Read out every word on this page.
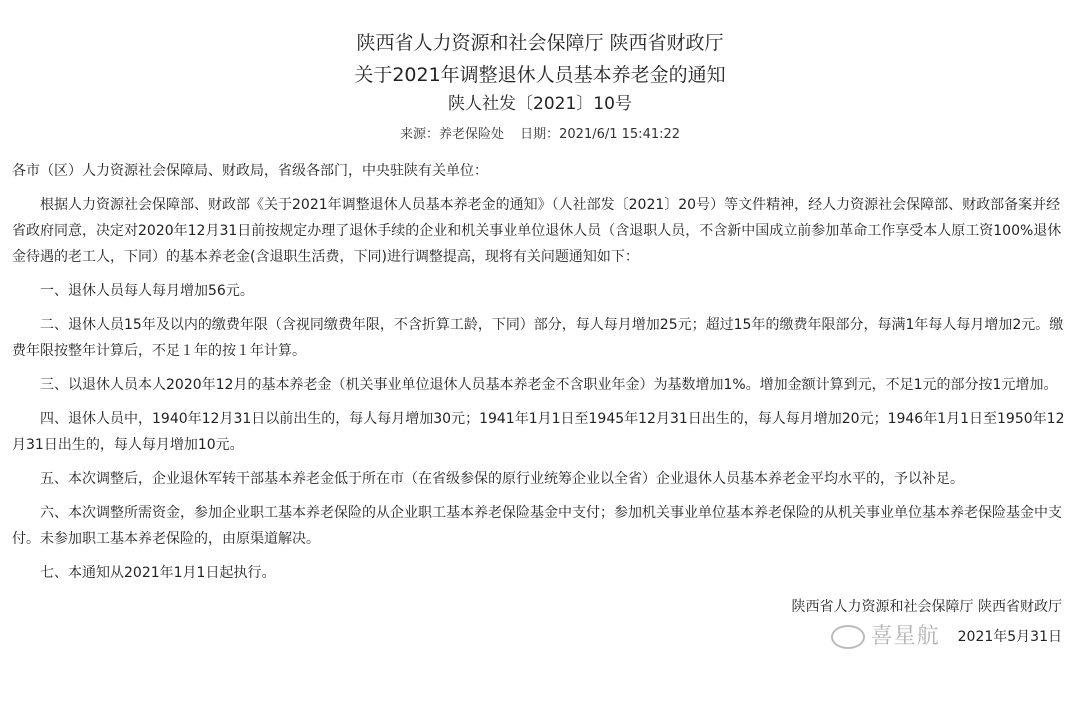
陕西省人力资源和社会保障厅 陕西省财政厅
关于2021年调整退休人员基本养老金的通知
陕人社发〔2021〕10号
来源：养老保险处 日期：2021/6/1 15:41:22

各市（区）人力资源社会保障局、财政局，省级各部门，中央驻陕有关单位：

根据人力资源社会保障部、财政部《关于2021年调整退休人员基本养老金的通知》（人社部发〔2021〕20号）等文件精神，经人力资源社会保障部、财政部备案并经省政府同意，决定对2020年12月31日前按规定办理了退休手续的企业和机关事业单位退休人员（含退职人员，不含新中国成立前参加革命工作享受本人原工资100%退休金待遇的老工人，下同）的基本养老金(含退职生活费，下同)进行调整提高，现将有关问题通知如下：

一、退休人员每人每月增加56元。

二、退休人员15年及以内的缴费年限（含视同缴费年限，不含折算工龄，下同）部分，每人每月增加25元；超过15年的缴费年限部分，每满1年每人每月增加2元。缴费年限按整年计算后，不足１年的按１年计算。

三、以退休人员本人2020年12月的基本养老金（机关事业单位退休人员基本养老金不含职业年金）为基数增加1%。增加金额计算到元，不足1元的部分按1元增加。

四、退休人员中，1940年12月31日以前出生的，每人每月增加30元；1941年1月1日至1945年12月31日出生的，每人每月增加20元；1946年1月1日至1950年12月31日出生的，每人每月增加10元。

五、本次调整后，企业退休军转干部基本养老金低于所在市（在省级参保的原行业统筹企业以全省）企业退休人员基本养老金平均水平的，予以补足。

六、本次调整所需资金，参加企业职工基本养老保险的从企业职工基本养老保险基金中支付；参加机关事业单位基本养老保险的从机关事业单位基本养老保险基金中支付。未参加职工基本养老保险的，由原渠道解决。

七、本通知从2021年1月1日起执行。

陕西省人力资源和社会保障厅 陕西省财政厅
喜星航 2021年5月31日
